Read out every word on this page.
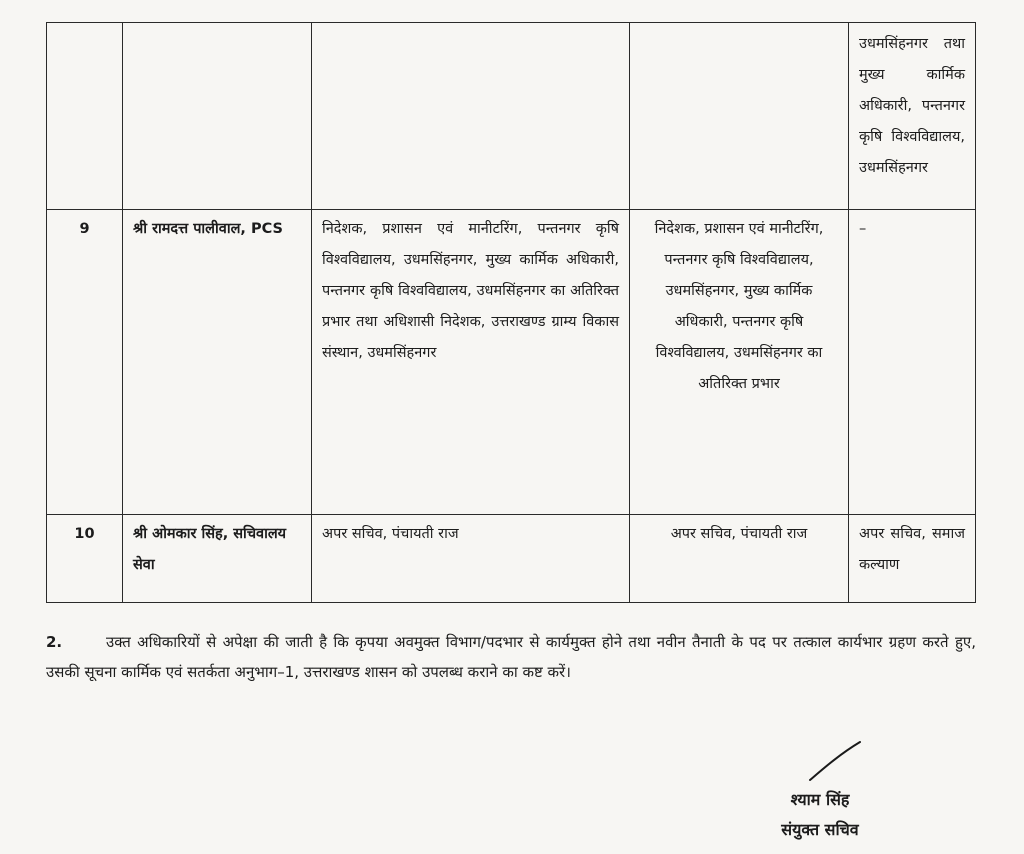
				उधमसिंहनगर तथा मुख्य कार्मिक अधिकारी, पन्तनगर कृषि विश्वविद्यालय, उधमसिंहनगर
9	श्री रामदत्त पालीवाल, PCS	निदेशक, प्रशासन एवं मानीटरिंग, पन्तनगर कृषि विश्वविद्यालय, उधमसिंहनगर, मुख्य कार्मिक अधिकारी, पन्तनगर कृषि विश्वविद्यालय, उधमसिंहनगर का अतिरिक्त प्रभार तथा अधिशासी निदेशक, उत्तराखण्ड ग्राम्य विकास संस्थान, उधमसिंहनगर	निदेशक, प्रशासन एवं मानीटरिंग, पन्तनगर कृषि विश्वविद्यालय, उधमसिंहनगर, मुख्य कार्मिक अधिकारी, पन्तनगर कृषि विश्वविद्यालय, उधमसिंहनगर का अतिरिक्त प्रभार	–
10	श्री ओमकार सिंह, सचिवालय सेवा	अपर सचिव, पंचायती राज	अपर सचिव, पंचायती राज	अपर सचिव, समाज कल्याण
2.	उक्त अधिकारियों से अपेक्षा की जाती है कि कृपया अवमुक्त विभाग/पदभार से कार्यमुक्त होने तथा नवीन तैनाती के पद पर तत्काल कार्यभार ग्रहण करते हुए, उसकी सूचना कार्मिक एवं सतर्कता अनुभाग–1, उत्तराखण्ड शासन को उपलब्ध कराने का कष्ट करें।
श्याम सिंह
संयुक्त सचिव
